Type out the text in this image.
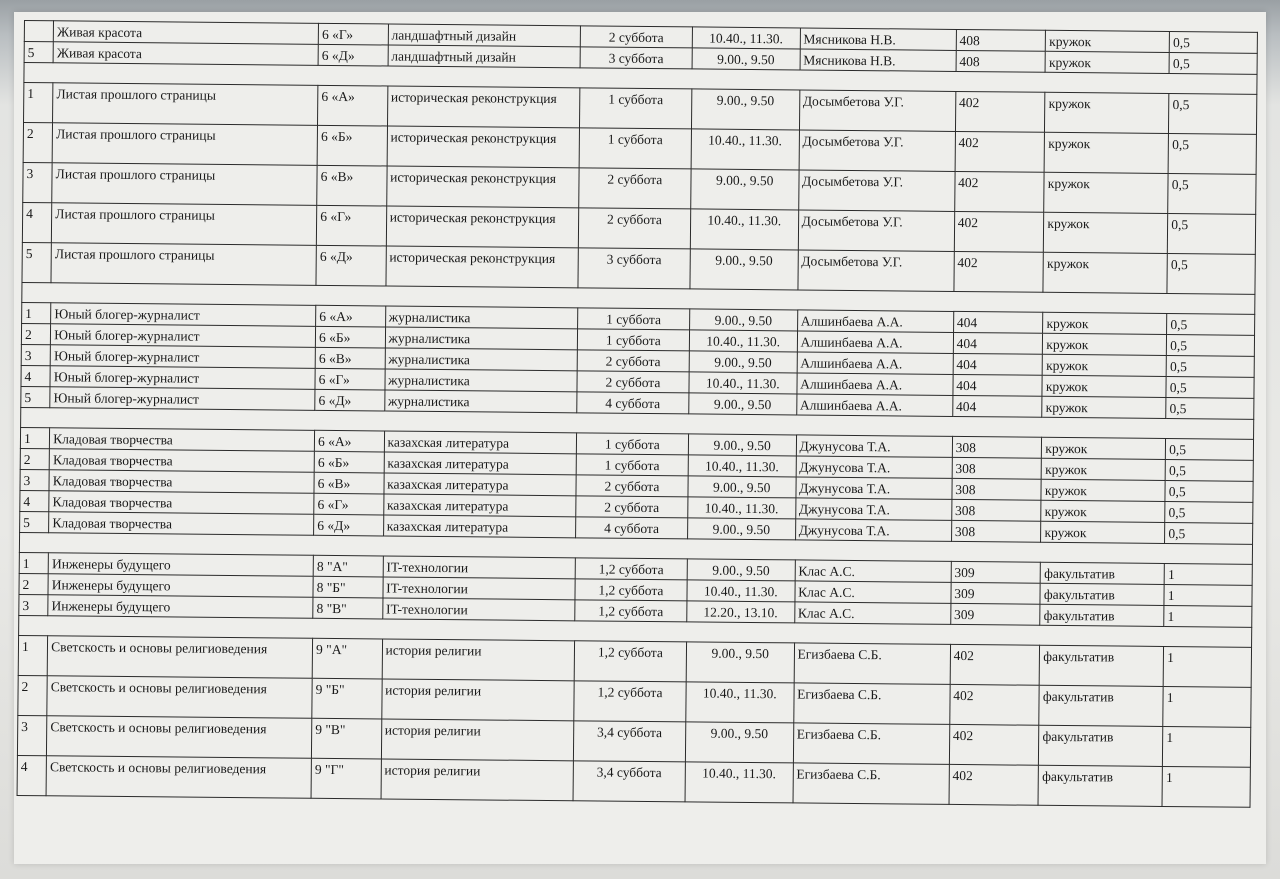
	Живая красота	6 «Г»	ландшафтный дизайн	2 суббота	10.40., 11.30.	Мясникова Н.В.	408	кружок	0,5
5	Живая красота	6 «Д»	ландшафтный дизайн	3 суббота	9.00., 9.50	Мясникова Н.В.	408	кружок	0,5

1	Листая прошлого страницы	6 «А»	историческая реконструкция	1 суббота	9.00., 9.50	Досымбетова У.Г.	402	кружок	0,5
2	Листая прошлого страницы	6 «Б»	историческая реконструкция	1 суббота	10.40., 11.30.	Досымбетова У.Г.	402	кружок	0,5
3	Листая прошлого страницы	6 «В»	историческая реконструкция	2 суббота	9.00., 9.50	Досымбетова У.Г.	402	кружок	0,5
4	Листая прошлого страницы	6 «Г»	историческая реконструкция	2 суббота	10.40., 11.30.	Досымбетова У.Г.	402	кружок	0,5
5	Листая прошлого страницы	6 «Д»	историческая реконструкция	3 суббота	9.00., 9.50	Досымбетова У.Г.	402	кружок	0,5

1	Юный блогер-журналист	6 «А»	журналистика	1 суббота	9.00., 9.50	Алшинбаева А.А.	404	кружок	0,5
2	Юный блогер-журналист	6 «Б»	журналистика	1 суббота	10.40., 11.30.	Алшинбаева А.А.	404	кружок	0,5
3	Юный блогер-журналист	6 «В»	журналистика	2 суббота	9.00., 9.50	Алшинбаева А.А.	404	кружок	0,5
4	Юный блогер-журналист	6 «Г»	журналистика	2 суббота	10.40., 11.30.	Алшинбаева А.А.	404	кружок	0,5
5	Юный блогер-журналист	6 «Д»	журналистика	4 суббота	9.00., 9.50	Алшинбаева А.А.	404	кружок	0,5

1	Кладовая творчества	6 «А»	казахская литература	1 суббота	9.00., 9.50	Джунусова Т.А.	308	кружок	0,5
2	Кладовая творчества	6 «Б»	казахская литература	1 суббота	10.40., 11.30.	Джунусова Т.А.	308	кружок	0,5
3	Кладовая творчества	6 «В»	казахская литература	2 суббота	9.00., 9.50	Джунусова Т.А.	308	кружок	0,5
4	Кладовая творчества	6 «Г»	казахская литература	2 суббота	10.40., 11.30.	Джунусова Т.А.	308	кружок	0,5
5	Кладовая творчества	6 «Д»	казахская литература	4 суббота	9.00., 9.50	Джунусова Т.А.	308	кружок	0,5

1	Инженеры будущего	8 "А"	IT-технологии	1,2 суббота	9.00., 9.50	Клас А.С.	309	факультатив	1
2	Инженеры будущего	8 "Б"	IT-технологии	1,2 суббота	10.40., 11.30.	Клас А.С.	309	факультатив	1
3	Инженеры будущего	8 "В"	IT-технологии	1,2 суббота	12.20., 13.10.	Клас А.С.	309	факультатив	1

1	Светскость и основы религиоведения	9 "А"	история религии	1,2 суббота	9.00., 9.50	Егизбаева С.Б.	402	факультатив	1
2	Светскость и основы религиоведения	9 "Б"	история религии	1,2 суббота	10.40., 11.30.	Егизбаева С.Б.	402	факультатив	1
3	Светскость и основы религиоведения	9 "В"	история религии	3,4 суббота	9.00., 9.50	Егизбаева С.Б.	402	факультатив	1
4	Светскость и основы религиоведения	9 "Г"	история религии	3,4 суббота	10.40., 11.30.	Егизбаева С.Б.	402	факультатив	1
